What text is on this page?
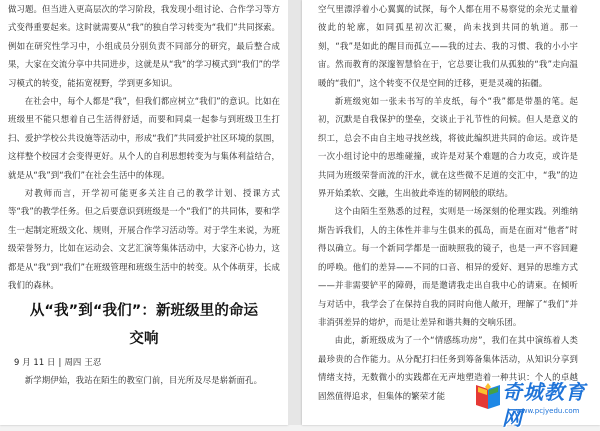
做习题。但当进入更高层次的学习阶段，我发现小组讨论、合作学习等方式变得重要起来。这时就需要从“我”的独自学习转变为“我们”共同探索。例如在研究性学习中，小组成员分别负责不同部分的研究，最后整合成果，大家在交流分享中共同进步，这就是从“我”的学习模式到“我们”的学习模式的转变，能拓宽视野，学到更多知识。

在社会中，每个人都是“我”，但我们都应树立“我们”的意识。比如在班级里不能只想着自己生活得舒适，而要和同桌一起参与到班级卫生打扫、爱护学校公共设施等活动中，形成“我们”共同爱护社区环境的氛围，这样整个校园才会变得更好。从个人的自利思想转变为与集体利益结合，就是从“我”到“我们”在社会生活中的体现。

对教师而言，开学初可能更多关注自己的教学计划、授课方式等“我”的教学任务。但之后要意识到班级是一个“我们”的共同体，要和学生一起制定班级文化、规则，开展合作学习活动等。对于学生来说，为班级荣誉努力，比如在运动会、文艺汇演等集体活动中，大家齐心协力，这都是从“我”到“我们”在班级管理和班级生活中的转变。从个体萌芽，长成我们的森林。

从“我”到“我们”：新班级里的命运
交响
9 月 11 日 | 周四 王忍

新学期伊始，我站在陌生的教室门前，目光所及尽是崭新面孔。

空气里漂浮着小心翼翼的试探，每个人都在用不易察觉的余光丈量着彼此的轮廓，如同孤星初次汇聚，尚未找到共同的轨道。那一刻，“我”是如此的醒目而孤立——我的过去、我的习惯、我的小小宇宙。然而教育的深邃智慧恰在于，它总要让我们从孤独的“我”走向温暖的“我们”，这个转变不仅是空间的迁移，更是灵魂的拓疆。

新班级宛如一张未书写的羊皮纸，每个“我”都是带墨的笔。起初，沉默是自我保护的堡垒，交谈止于礼节性的问候。但人是意义的织工，总会不由自主地寻找丝线，将彼此编织进共同的命运。或许是一次小组讨论中的思维碰撞，或许是对某个难题的合力攻克，或许是共同为班级荣誉而流的汗水，就在这些微不足道的交汇中，“我”的边界开始柔软、交融，生出彼此牵连的韧网般的联结。

这个由陌生至熟悉的过程，实则是一场深刻的伦理实践。列维纳斯告诉我们，人的主体性并非与生俱来的孤岛，而是在面对“他者”时得以确立。每一个新同学都是一面映照我的镜子，也是一声不容回避的呼唤。他们的差异——不同的口音、相异的爱好、迥异的思维方式——并非需要铲平的障碍，而是邀请我走出自我中心的请柬。在倾听与对话中，我学会了在保持自我的同时向他人敞开，理解了“我们”并非消弭差异的熔炉，而是让差异和谐共舞的交响乐团。

由此，新班级成为了一个“情感练功房”，我们在其中演练着人类最珍贵的合作能力。从分配打扫任务到筹备集体活动，从知识分享到情绪支持，无数微小的实践都在无声地塑造着一种共识：个人的卓越固然值得追求，但集体的繁荣才能	奇城教育网
www.pcjyedu.com
